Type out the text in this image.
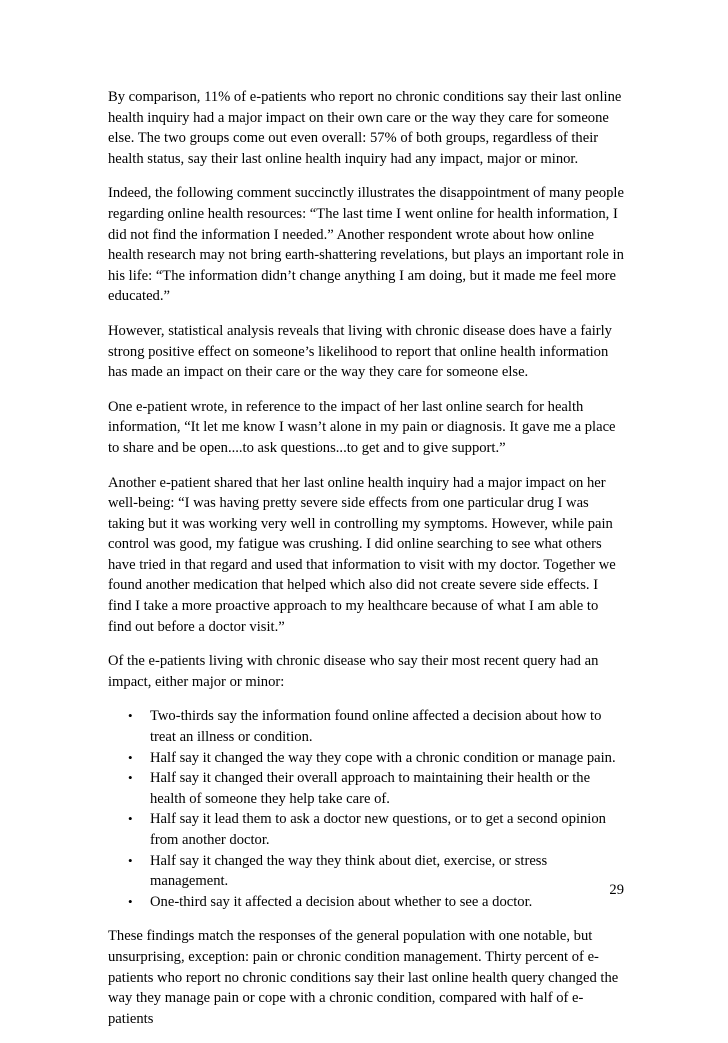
By comparison, 11% of e-patients who report no chronic conditions say their last online health inquiry had a major impact on their own care or the way they care for someone else. The two groups come out even overall: 57% of both groups, regardless of their health status, say their last online health inquiry had any impact, major or minor.

Indeed, the following comment succinctly illustrates the disappointment of many people regarding online health resources: “The last time I went online for health information, I did not find the information I needed.” Another respondent wrote about how online health research may not bring earth-shattering revelations, but plays an important role in his life: “The information didn’t change anything I am doing, but it made me feel more educated.”

However, statistical analysis reveals that living with chronic disease does have a fairly strong positive effect on someone’s likelihood to report that online health information has made an impact on their care or the way they care for someone else.

One e-patient wrote, in reference to the impact of her last online search for health information, “It let me know I wasn’t alone in my pain or diagnosis. It gave me a place to share and be open....to ask questions...to get and to give support.”

Another e-patient shared that her last online health inquiry had a major impact on her well-being: “I was having pretty severe side effects from one particular drug I was taking but it was working very well in controlling my symptoms. However, while pain control was good, my fatigue was crushing. I did online searching to see what others have tried in that regard and used that information to visit with my doctor. Together we found another medication that helped which also did not create severe side effects. I find I take a more proactive approach to my healthcare because of what I am able to find out before a doctor visit.”

Of the e-patients living with chronic disease who say their most recent query had an impact, either major or minor:

• Two-thirds say the information found online affected a decision about how to treat an illness or condition.
• Half say it changed the way they cope with a chronic condition or manage pain.
• Half say it changed their overall approach to maintaining their health or the health of someone they help take care of.
• Half say it lead them to ask a doctor new questions, or to get a second opinion from another doctor.
• Half say it changed the way they think about diet, exercise, or stress management.
• One-third say it affected a decision about whether to see a doctor.

These findings match the responses of the general population with one notable, but unsurprising, exception: pain or chronic condition management. Thirty percent of e-patients who report no chronic conditions say their last online health query changed the way they manage pain or cope with a chronic condition, compared with half of e-patients

29
